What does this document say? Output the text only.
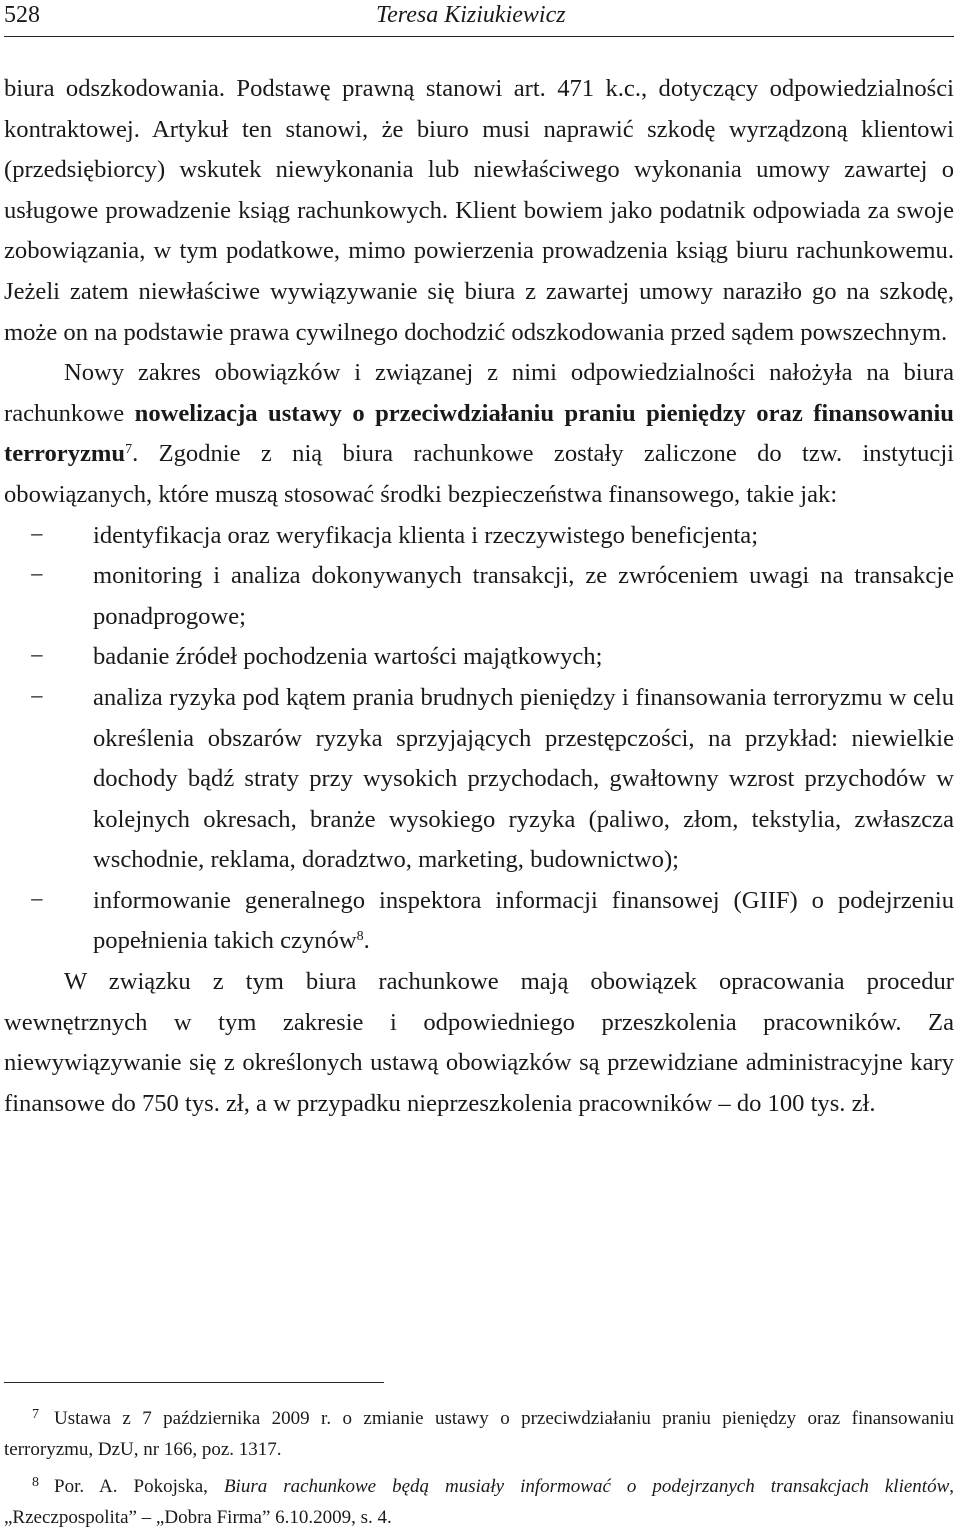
528	Teresa Kiziukiewicz

biura odszkodowania. Podstawę prawną stanowi art. 471 k.c., dotyczący odpowiedzialności kontraktowej. Artykuł ten stanowi, że biuro musi naprawić szkodę wyrządzoną klientowi (przedsiębiorcy) wskutek niewykonania lub niewłaściwego wykonania umowy zawartej o usługowe prowadzenie ksiąg rachunkowych. Klient bowiem jako podatnik odpowiada za swoje zobowiązania, w tym podatkowe, mimo powierzenia prowadzenia ksiąg biuru rachunkowemu. Jeżeli zatem niewłaściwe wywiązywanie się biura z zawartej umowy naraziło go na szkodę, może on na podstawie prawa cywilnego dochodzić odszkodowania przed sądem powszechnym.

Nowy zakres obowiązków i związanej z nimi odpowiedzialności nałożyła na biura rachunkowe nowelizacja ustawy o przeciwdziałaniu praniu pieniędzy oraz finansowaniu terroryzmu$^7$. Zgodnie z nią biura rachunkowe zostały zaliczone do tzw. instytucji obowiązanych, które muszą stosować środki bezpieczeństwa finansowego, takie jak:

− identyfikacja oraz weryfikacja klienta i rzeczywistego beneficjenta;
− monitoring i analiza dokonywanych transakcji, ze zwróceniem uwagi na transakcje ponadprogowe;
− badanie źródeł pochodzenia wartości majątkowych;
− analiza ryzyka pod kątem prania brudnych pieniędzy i finansowania terroryzmu w celu określenia obszarów ryzyka sprzyjających przestępczości, na przykład: niewielkie dochody bądź straty przy wysokich przychodach, gwałtowny wzrost przychodów w kolejnych okresach, branże wysokiego ryzyka (paliwo, złom, tekstylia, zwłaszcza wschodnie, reklama, doradztwo, marketing, budownictwo);
− informowanie generalnego inspektora informacji finansowej (GIIF) o podejrzeniu popełnienia takich czynów$^8$.

W związku z tym biura rachunkowe mają obowiązek opracowania procedur wewnętrznych w tym zakresie i odpowiedniego przeszkolenia pracowników. Za niewywiązywanie się z określonych ustawą obowiązków są przewidziane administracyjne kary finansowe do 750 tys. zł, a w przypadku nieprzeszkolenia pracowników – do 100 tys. zł.

7 Ustawa z 7 października 2009 r. o zmianie ustawy o przeciwdziałaniu praniu pieniędzy oraz finansowaniu terroryzmu, DzU, nr 166, poz. 1317.

8 Por. A. Pokojska, Biura rachunkowe będą musiały informować o podejrzanych transakcjach klientów, „Rzeczpospolita” – „Dobra Firma” 6.10.2009, s. 4.
